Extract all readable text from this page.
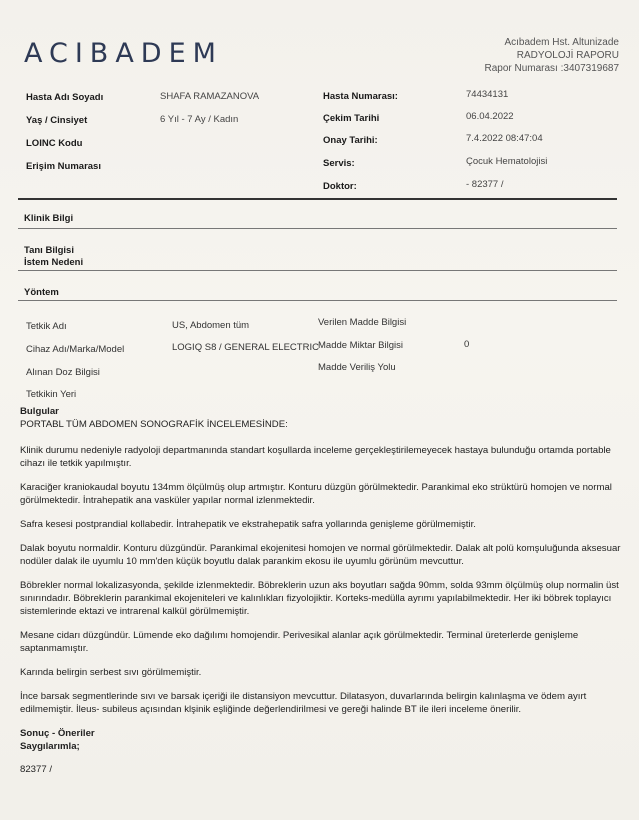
ACIBADEM	Acıbadem Hst. Altunizade
RADYOLOJİ RAPORU
Rapor Numarası :3407319687
Hasta Adı Soyadı	SHAFA RAMAZANOVA
Yaş / Cinsiyet	6 Yıl - 7 Ay / Kadın
LOINC Kodu
Erişim Numarası
Hasta Numarası:	74434131
Çekim Tarihi	06.04.2022
Onay Tarihi:	7.4.2022 08:47:04
Servis:	Çocuk Hematolojisi
Doktor:	- 82377 /
Klinik Bilgi
Tanı Bilgisi
İstem Nedeni
Yöntem
Tetkik Adı	US, Abdomen tüm
Cihaz Adı/Marka/Model	LOGIQ S8 / GENERAL ELECTRIC
Alınan Doz Bilgisi
Tetkikin Yeri
Verilen Madde Bilgisi
Madde Miktar Bilgisi	0
Madde Veriliş Yolu
Bulgular
PORTABL TÜM ABDOMEN SONOGRAFİK İNCELEMESİNDE:

Klinik durumu nedeniyle radyoloji departmanında standart koşullarda inceleme gerçekleştirilemeyecek hastaya bulunduğu ortamda portable cihazı ile tetkik yapılmıştır.

Karaciğer kraniokaudal boyutu 134mm ölçülmüş olup artmıştır. Konturu düzgün görülmektedir. Parankimal eko strüktürü homojen ve normal görülmektedir. İntrahepatik ana vasküler yapılar normal izlenmektedir.

Safra kesesi postprandial kollabedir. İntrahepatik ve ekstrahepatik safra yollarında genişleme görülmemiştir.

Dalak boyutu normaldir. Konturu düzgündür. Parankimal ekojenitesi homojen ve normal görülmektedir. Dalak alt polü komşuluğunda aksesuar nodüler dalak ile uyumlu 10 mm'den küçük boyutlu dalak parankim ekosu ile uyumlu görünüm mevcuttur.

Böbrekler normal lokalizasyonda, şekilde izlenmektedir. Böbreklerin uzun aks boyutları sağda 90mm, solda 93mm ölçülmüş olup normalin üst sınırındadır. Böbreklerin parankimal ekojeniteleri ve kalınlıkları fizyolojiktir. Korteks-medülla ayrımı yapılabilmektedir. Her iki böbrek toplayıcı sistemlerinde ektazi ve intrarenal kalkül görülmemiştir.

Mesane cidarı düzgündür. Lümende eko dağılımı homojendir. Perivesikal alanlar açık görülmektedir. Terminal üreterlerde genişleme saptanmamıştır.

Karında belirgin serbest sıvı görülmemiştir.

İnce barsak segmentlerinde sıvı ve barsak içeriği ile distansiyon mevcuttur. Dilatasyon, duvarlarında belirgin kalınlaşma ve ödem ayırt edilmemiştir. İleus- subileus açısından klşinik eşliğinde değerlendirilmesi ve gereği halinde BT ile ileri inceleme önerilir.

Sonuç - Öneriler
Saygılarımla;
82377 /
